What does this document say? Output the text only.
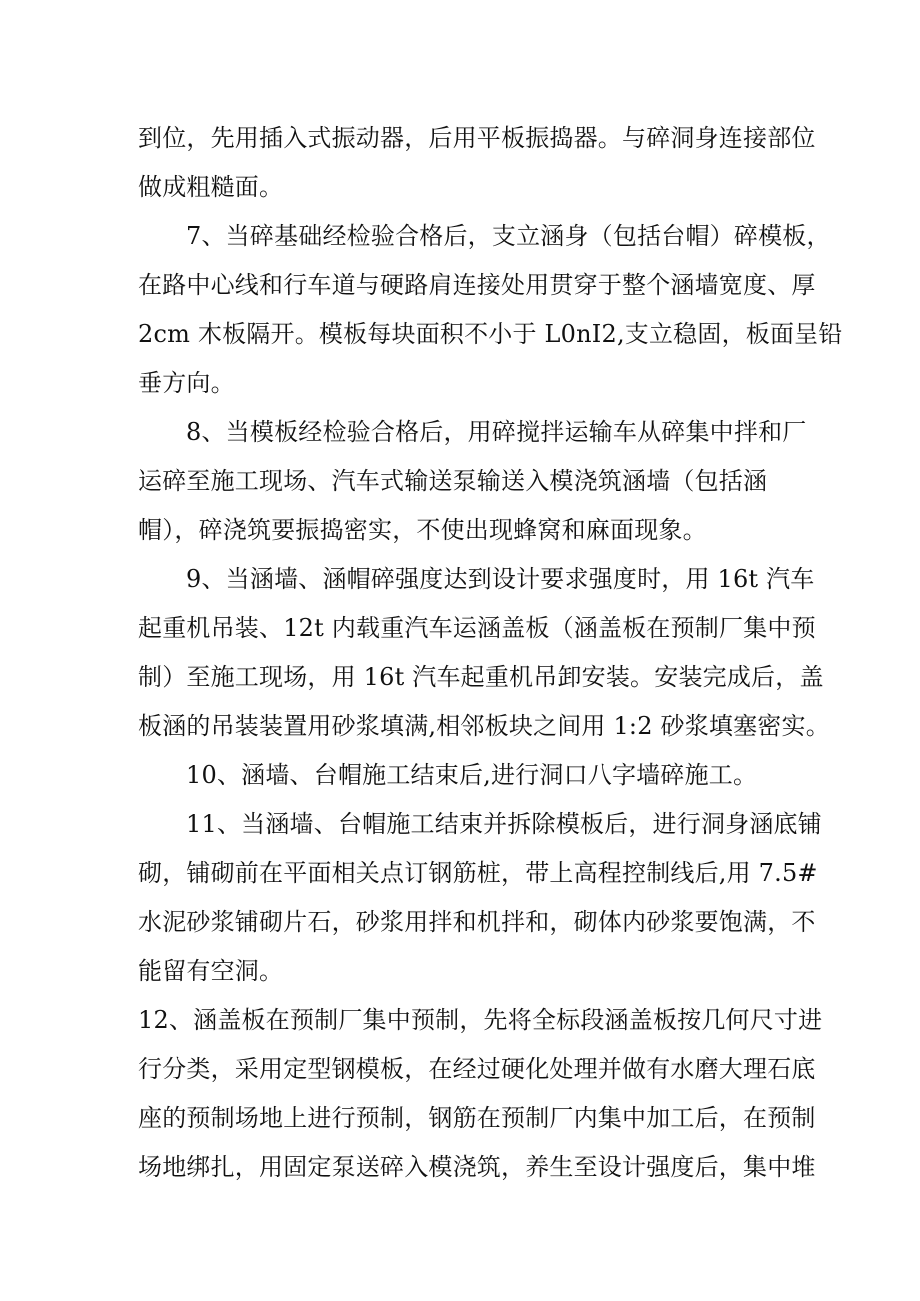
到位，先用插入式振动器，后用平板振捣器。与碎洞身连接部位
做成粗糙面。
7、当碎基础经检验合格后，支立涵身（包括台帽）碎模板，
在路中心线和行车道与硬路肩连接处用贯穿于整个涵墙宽度、厚
2cm 木板隔开。模板每块面积不小于 L0nI2,支立稳固，板面呈铅
垂方向。
8、当模板经检验合格后，用碎搅拌运输车从碎集中拌和厂
运碎至施工现场、汽车式输送泵输送入模浇筑涵墙（包括涵
帽），碎浇筑要振捣密实，不使出现蜂窝和麻面现象。
9、当涵墙、涵帽碎强度达到设计要求强度时，用 16t 汽车
起重机吊装、12t 内载重汽车运涵盖板（涵盖板在预制厂集中预
制）至施工现场，用 16t 汽车起重机吊卸安装。安装完成后，盖
板涵的吊装装置用砂浆填满,相邻板块之间用 1:2 砂浆填塞密实。
10、涵墙、台帽施工结束后,进行洞口八字墙碎施工。
11、当涵墙、台帽施工结束并拆除模板后，进行洞身涵底铺
砌，铺砌前在平面相关点订钢筋桩，带上高程控制线后,用 7.5#
水泥砂浆铺砌片石，砂浆用拌和机拌和，砌体内砂浆要饱满，不
能留有空洞。
12、涵盖板在预制厂集中预制，先将全标段涵盖板按几何尺寸进
行分类，采用定型钢模板，在经过硬化处理并做有水磨大理石底
座的预制场地上进行预制，钢筋在预制厂内集中加工后，在预制
场地绑扎，用固定泵送碎入模浇筑，养生至设计强度后，集中堆
